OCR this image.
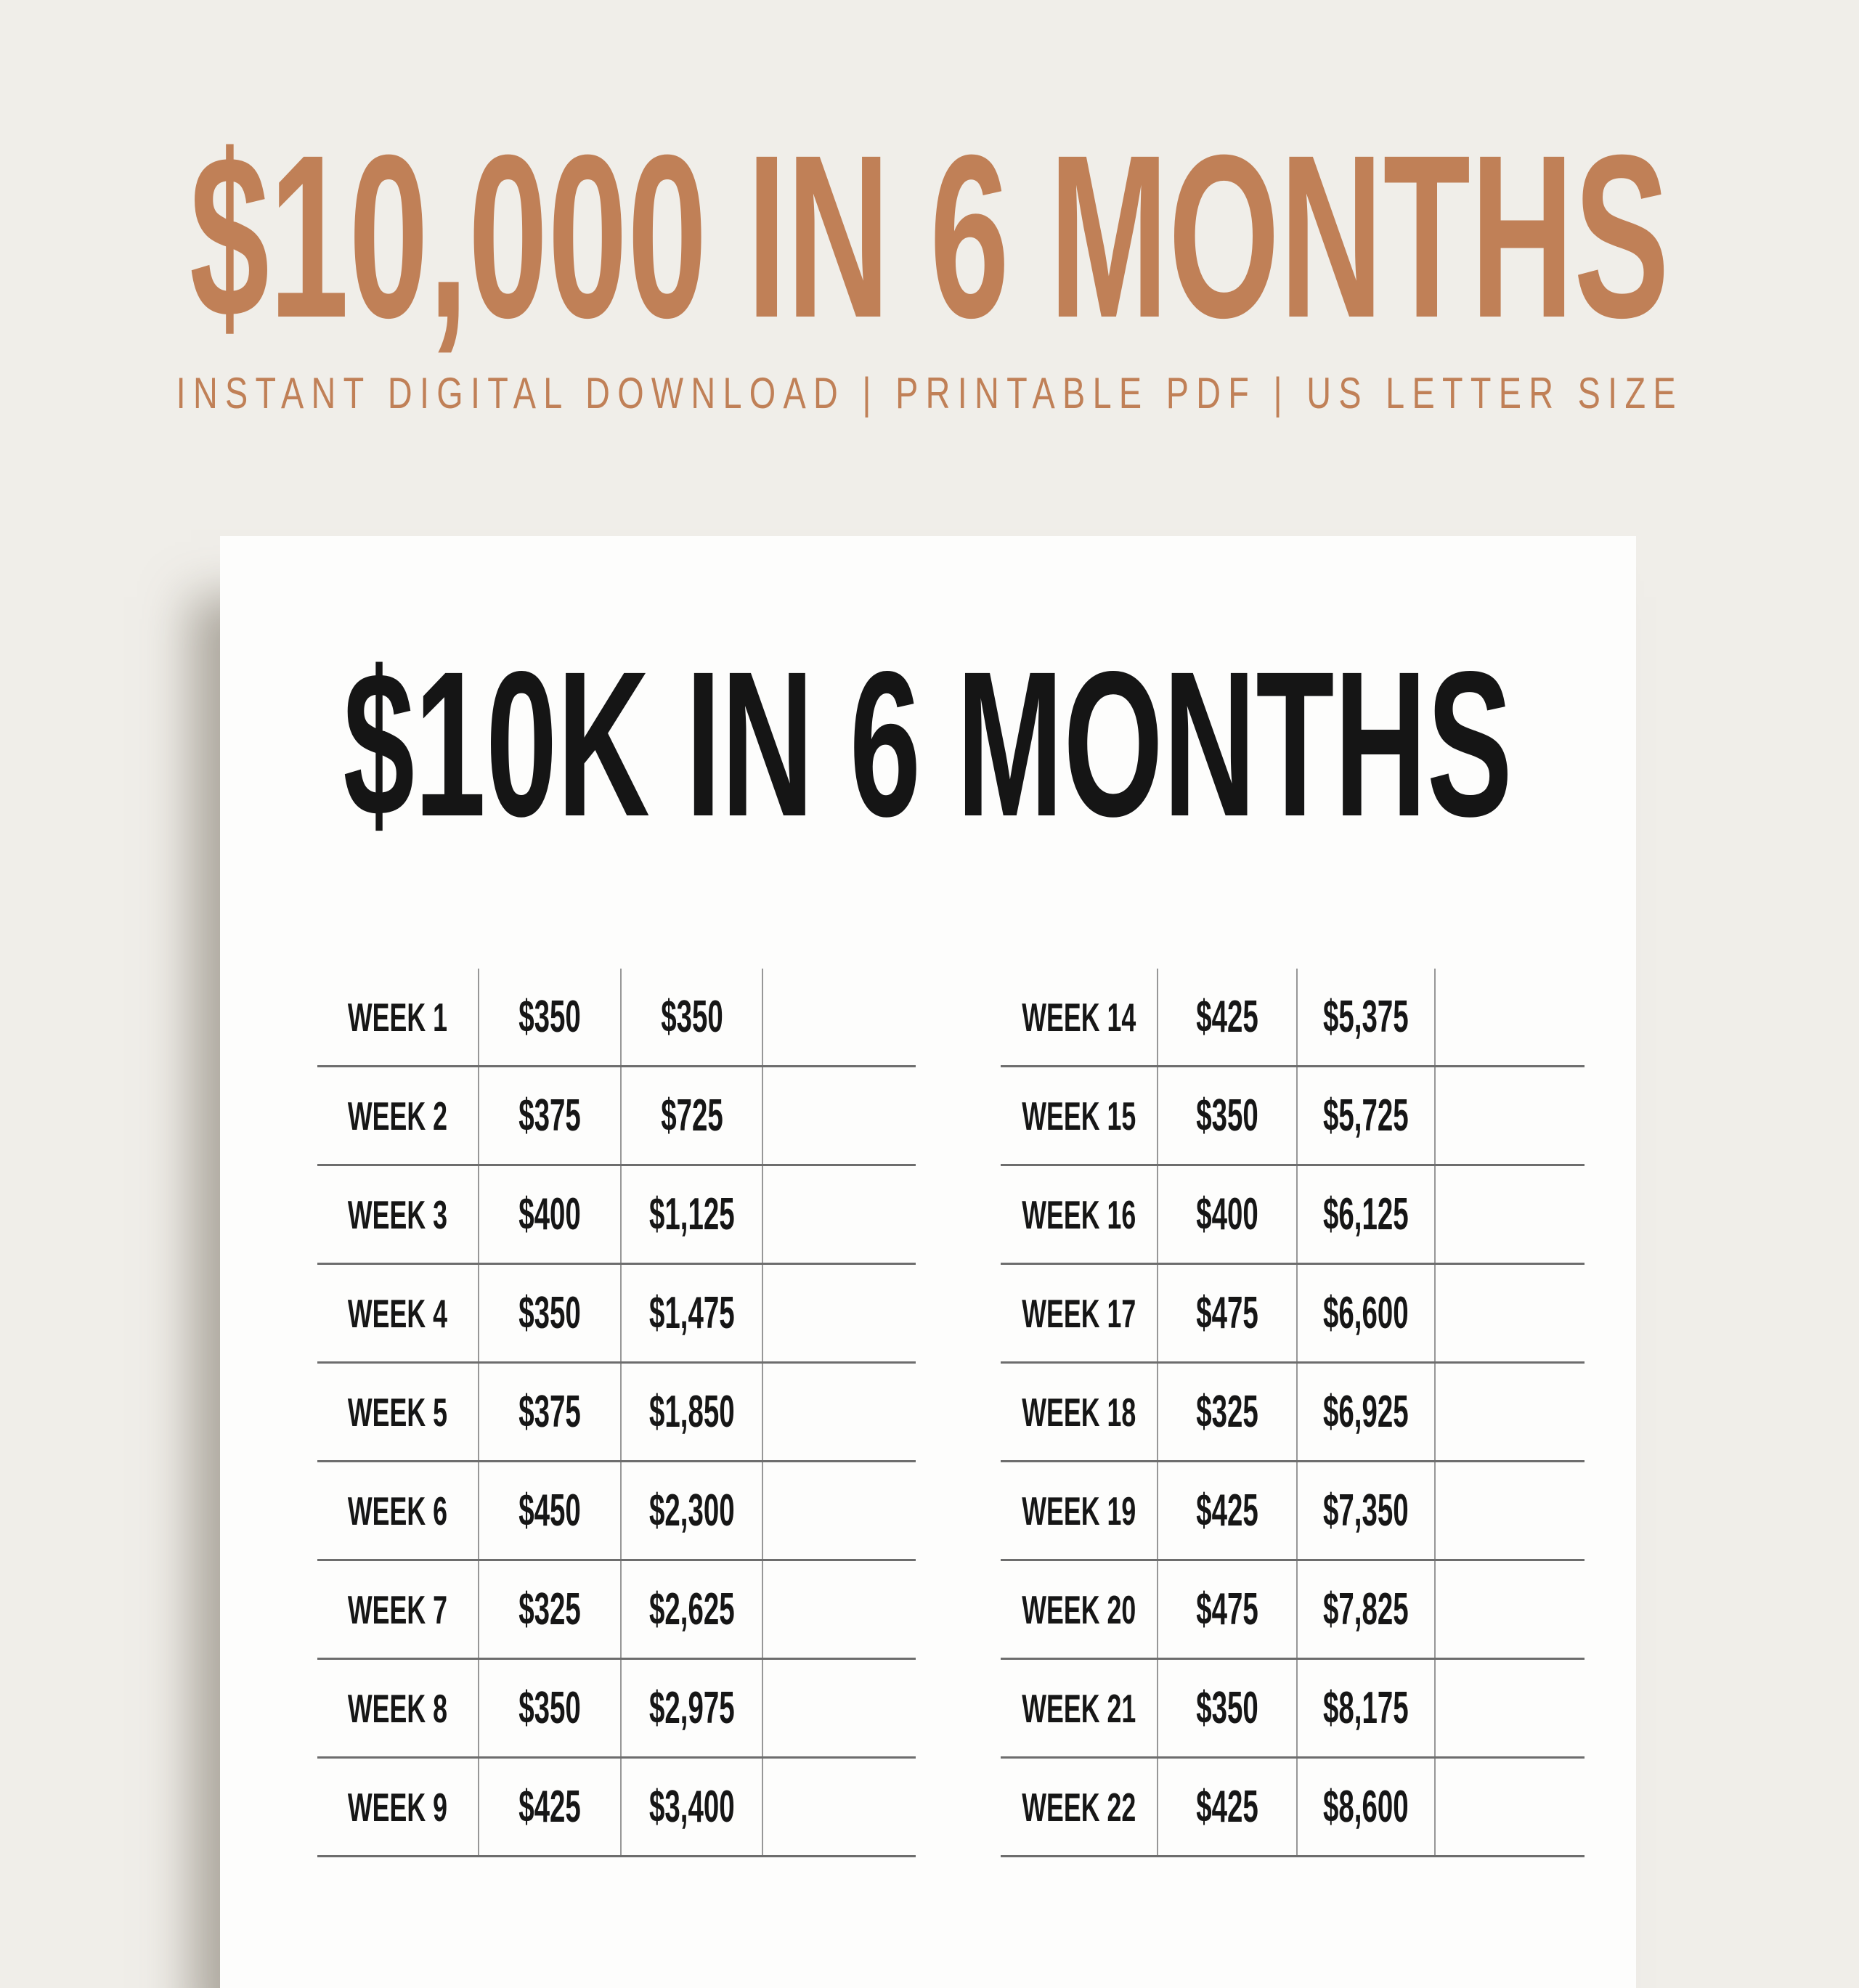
$10,000 IN 6 MONTHS
INSTANT DIGITAL DOWNLOAD | PRINTABLE PDF | US LETTER SIZE
$10K IN 6 MONTHS
WEEK 1 $350 $350
WEEK 2 $375 $725
WEEK 3 $400 $1,125
WEEK 4 $350 $1,475
WEEK 5 $375 $1,850
WEEK 6 $450 $2,300
WEEK 7 $325 $2,625
WEEK 8 $350 $2,975
WEEK 9 $425 $3,400
WEEK 14 $425 $5,375
WEEK 15 $350 $5,725
WEEK 16 $400 $6,125
WEEK 17 $475 $6,600
WEEK 18 $325 $6,925
WEEK 19 $425 $7,350
WEEK 20 $475 $7,825
WEEK 21 $350 $8,175
WEEK 22 $425 $8,600
